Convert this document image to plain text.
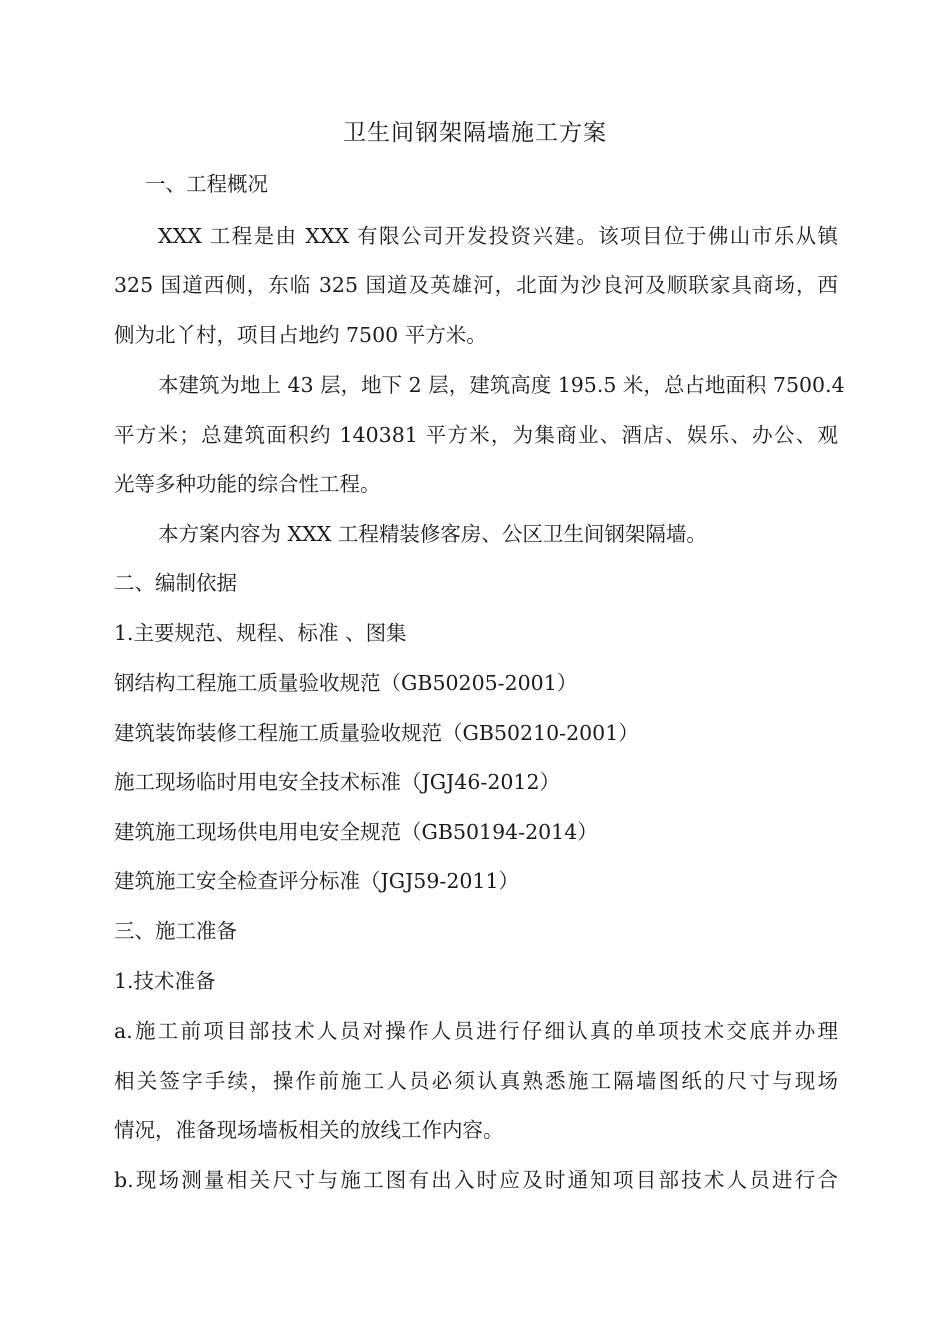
卫生间钢架隔墙施工方案
一、工程概况
XXX 工程是由 XXX 有限公司开发投资兴建。该项目位于佛山市乐从镇
325 国道西侧，东临 325 国道及英雄河，北面为沙良河及顺联家具商场，西
侧为北丫村，项目占地约 7500 平方米。
本建筑为地上 43 层，地下 2 层，建筑高度 195.5 米，总占地面积 7500.4
平方米；总建筑面积约 140381 平方米，为集商业、酒店、娱乐、办公、观
光等多种功能的综合性工程。
本方案内容为 XXX 工程精装修客房、公区卫生间钢架隔墙。
二、编制依据
1.主要规范、规程、标准 、图集
钢结构工程施工质量验收规范（GB50205-2001）
建筑装饰装修工程施工质量验收规范（GB50210-2001）
施工现场临时用电安全技术标准（JGJ46-2012）
建筑施工现场供电用电安全规范（GB50194-2014）
建筑施工安全检查评分标准（JGJ59-2011）
三、施工准备
1.技术准备
a.施工前项目部技术人员对操作人员进行仔细认真的单项技术交底并办理
相关签字手续，操作前施工人员必须认真熟悉施工隔墙图纸的尺寸与现场
情况，准备现场墙板相关的放线工作内容。
b.现场测量相关尺寸与施工图有出入时应及时通知项目部技术人员进行合
